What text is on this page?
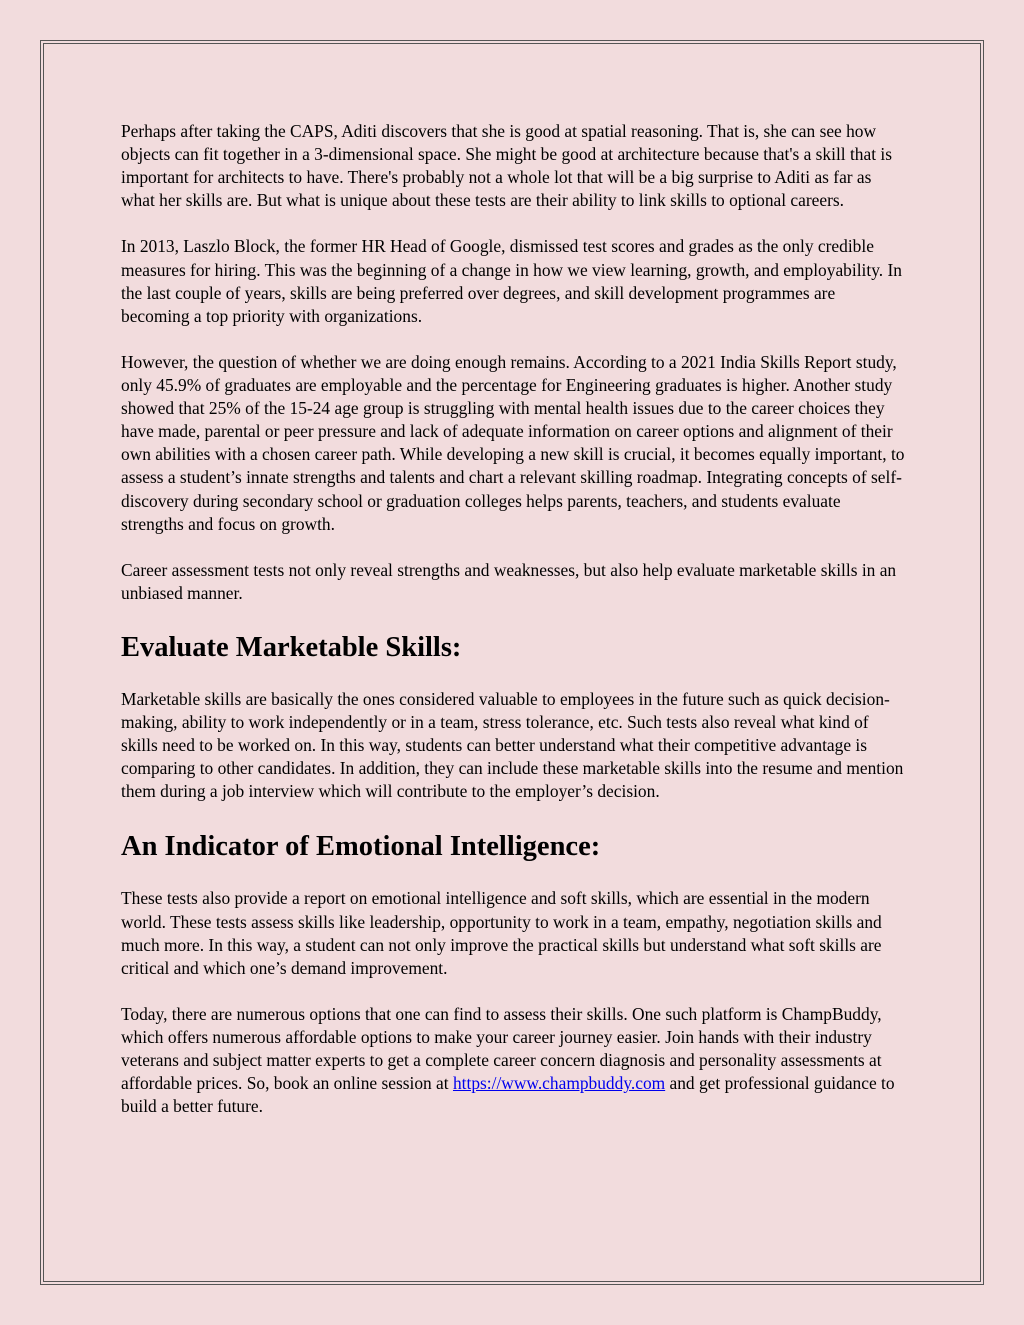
Perhaps after taking the CAPS, Aditi discovers that she is good at spatial reasoning. That is, she can see how objects can fit together in a 3-dimensional space. She might be good at architecture because that's a skill that is important for architects to have. There's probably not a whole lot that will be a big surprise to Aditi as far as what her skills are. But what is unique about these tests are their ability to link skills to optional careers.

In 2013, Laszlo Block, the former HR Head of Google, dismissed test scores and grades as the only credible measures for hiring. This was the beginning of a change in how we view learning, growth, and employability. In the last couple of years, skills are being preferred over degrees, and skill development programmes are becoming a top priority with organizations.

However, the question of whether we are doing enough remains. According to a 2021 India Skills Report study, only 45.9% of graduates are employable and the percentage for Engineering graduates is higher. Another study showed that 25% of the 15-24 age group is struggling with mental health issues due to the career choices they have made, parental or peer pressure and lack of adequate information on career options and alignment of their own abilities with a chosen career path. While developing a new skill is crucial, it becomes equally important, to assess a student’s innate strengths and talents and chart a relevant skilling roadmap. Integrating concepts of self-discovery during secondary school or graduation colleges helps parents, teachers, and students evaluate strengths and focus on growth.

Career assessment tests not only reveal strengths and weaknesses, but also help evaluate marketable skills in an unbiased manner.

Evaluate Marketable Skills:

Marketable skills are basically the ones considered valuable to employees in the future such as quick decision-making, ability to work independently or in a team, stress tolerance, etc. Such tests also reveal what kind of skills need to be worked on. In this way, students can better understand what their competitive advantage is comparing to other candidates. In addition, they can include these marketable skills into the resume and mention them during a job interview which will contribute to the employer’s decision.

An Indicator of Emotional Intelligence:

These tests also provide a report on emotional intelligence and soft skills, which are essential in the modern world. These tests assess skills like leadership, opportunity to work in a team, empathy, negotiation skills and much more. In this way, a student can not only improve the practical skills but understand what soft skills are critical and which one’s demand improvement.

Today, there are numerous options that one can find to assess their skills. One such platform is ChampBuddy, which offers numerous affordable options to make your career journey easier. Join hands with their industry veterans and subject matter experts to get a complete career concern diagnosis and personality assessments at affordable prices. So, book an online session at https://www.champbuddy.com and get professional guidance to build a better future.
